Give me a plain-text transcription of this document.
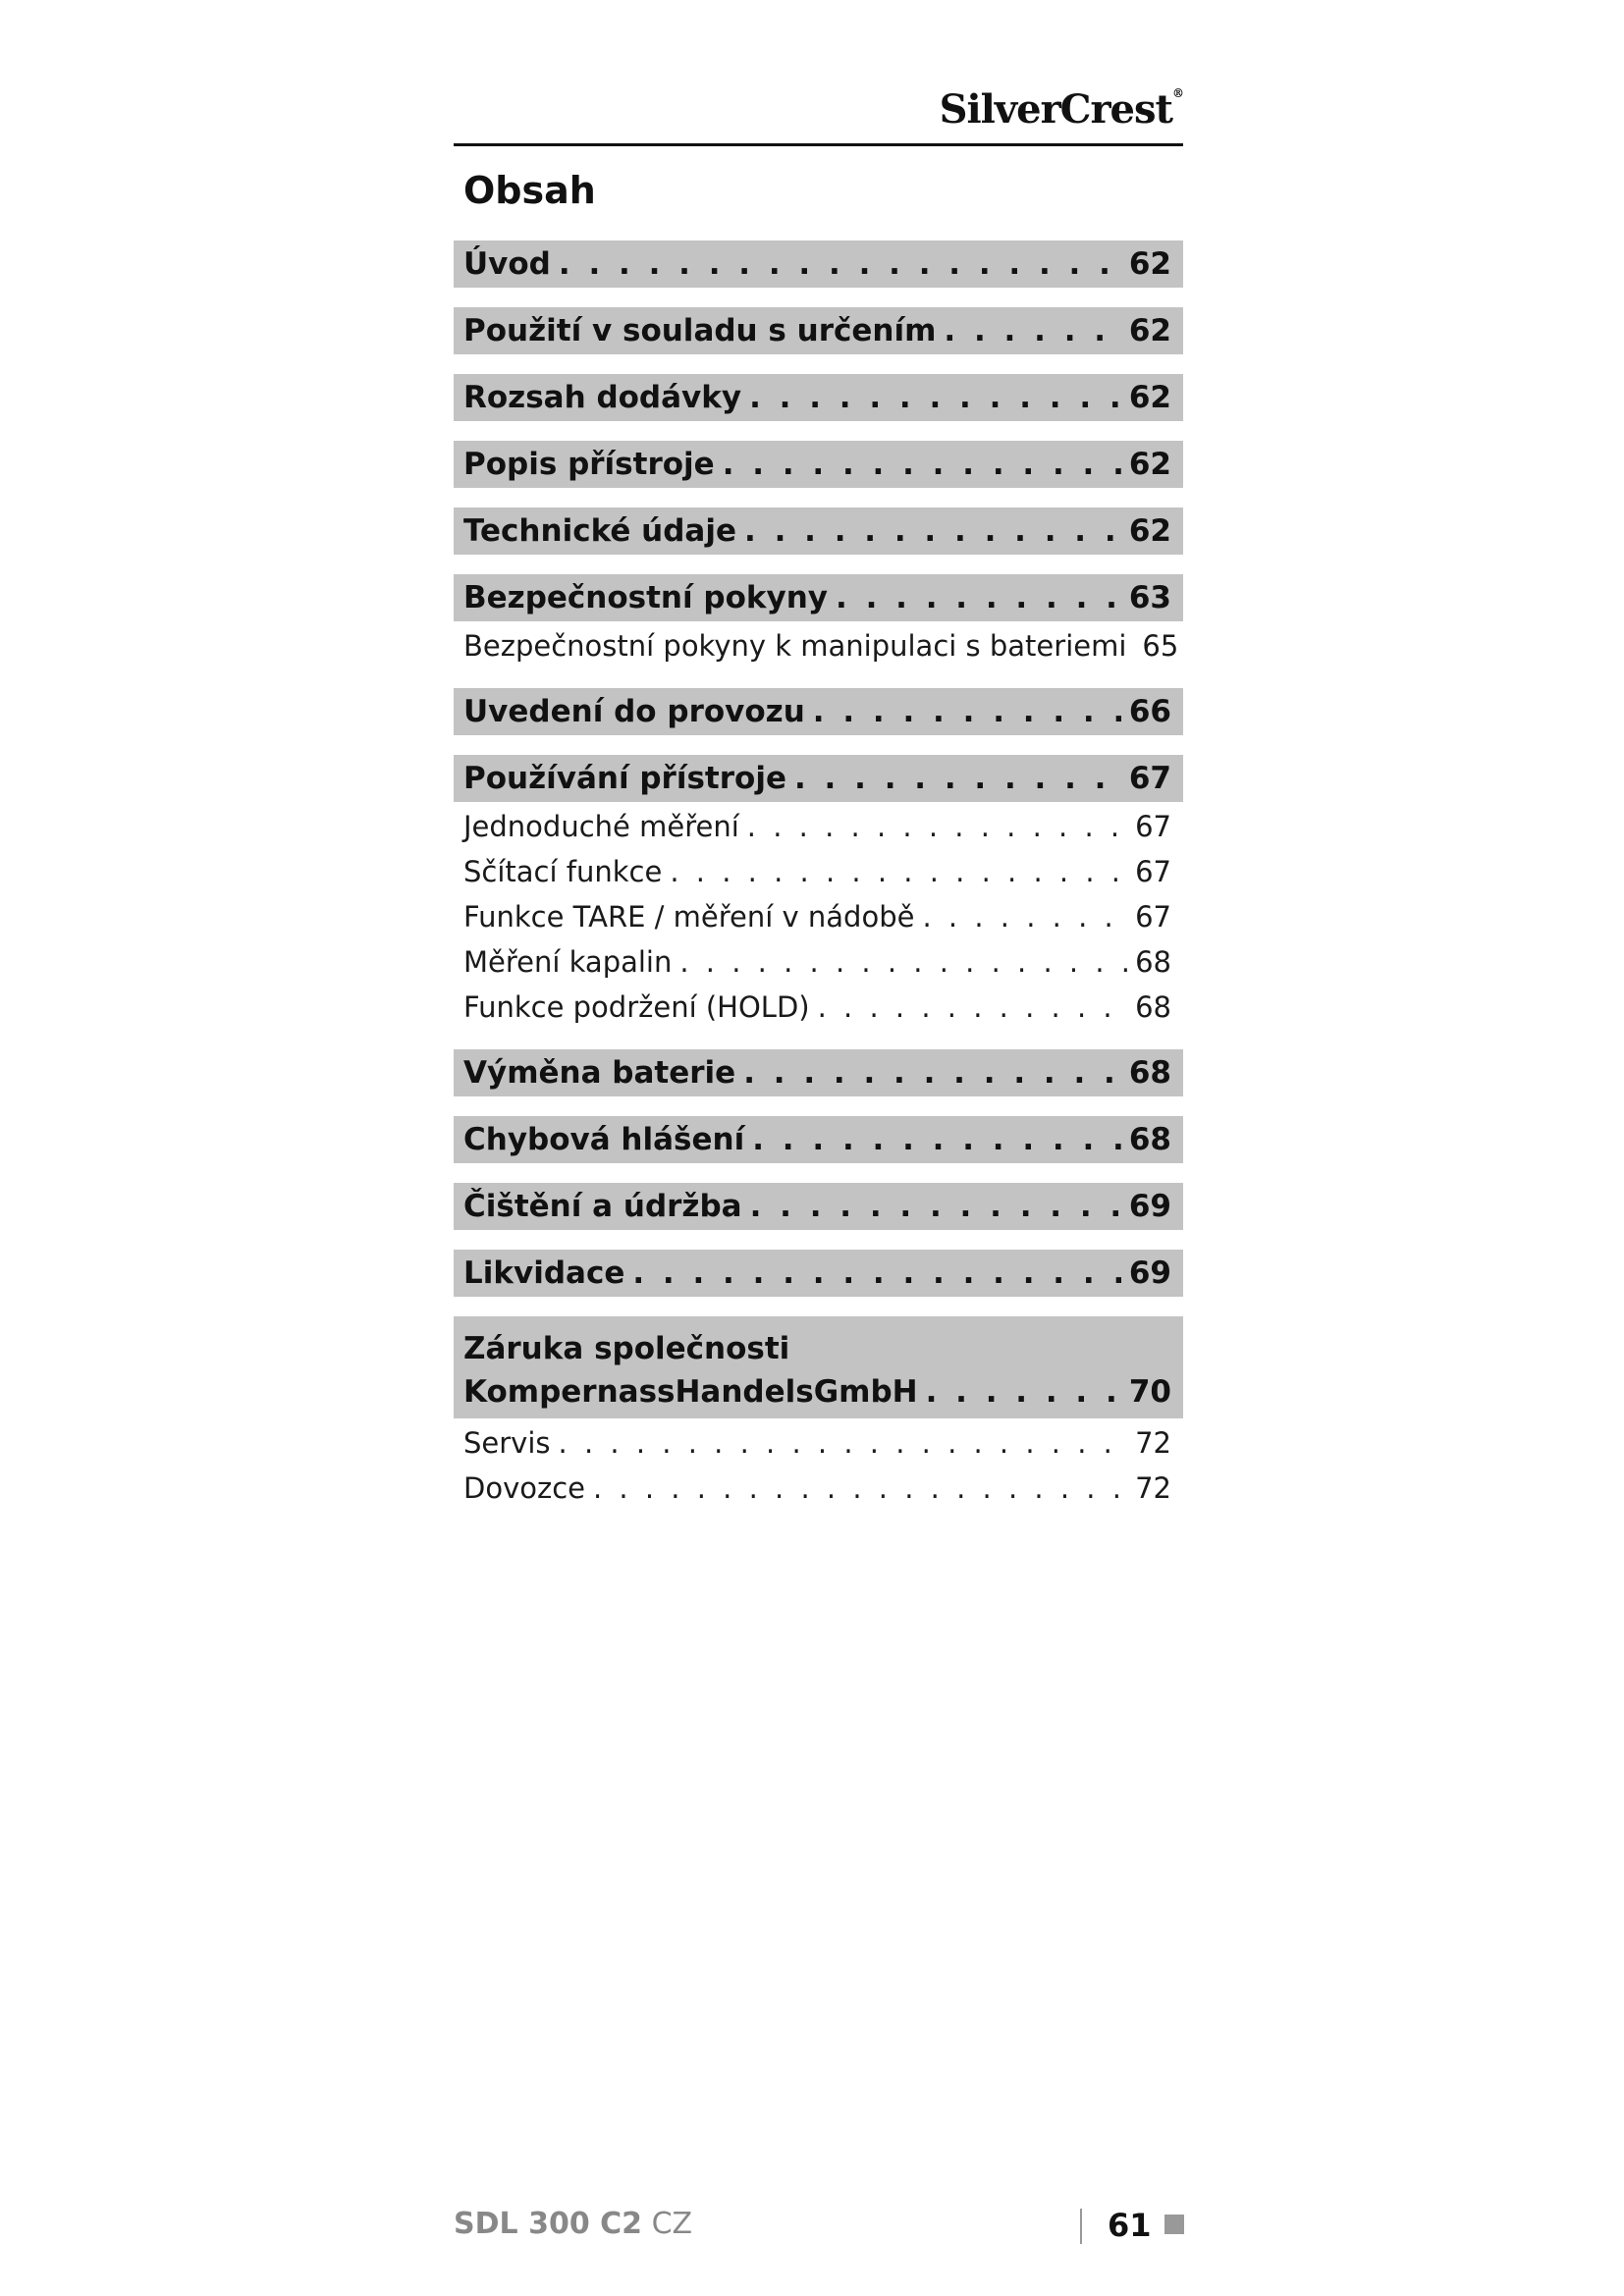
SilverCrest®
Obsah
Úvod . . .	62
Použití v souladu s určením . . .	62
Rozsah dodávky . . .	62
Popis přístroje . . .	62
Technické údaje . . .	62
Bezpečnostní pokyny . . .	63
Bezpečnostní pokyny k manipulaci s bateriemi 65
Uvedení do provozu . . .	66
Používání přístroje . . .	67
Jednoduché měření . . .	67
Sčítací funkce . . .	67
Funkce TARE / měření v nádobě . . .	67
Měření kapalin . . .	68
Funkce podržení (HOLD) . . .	68
Výměna baterie . . .	68
Chybová hlášení . . .	68
Čištění a údržba . . .	69
Likvidace . . .	69
Záruka společnosti
KompernassHandelsGmbH . . .	70
Servis . . .	72
Dovozce . . .	72
SDL 300 C2 CZ	61
